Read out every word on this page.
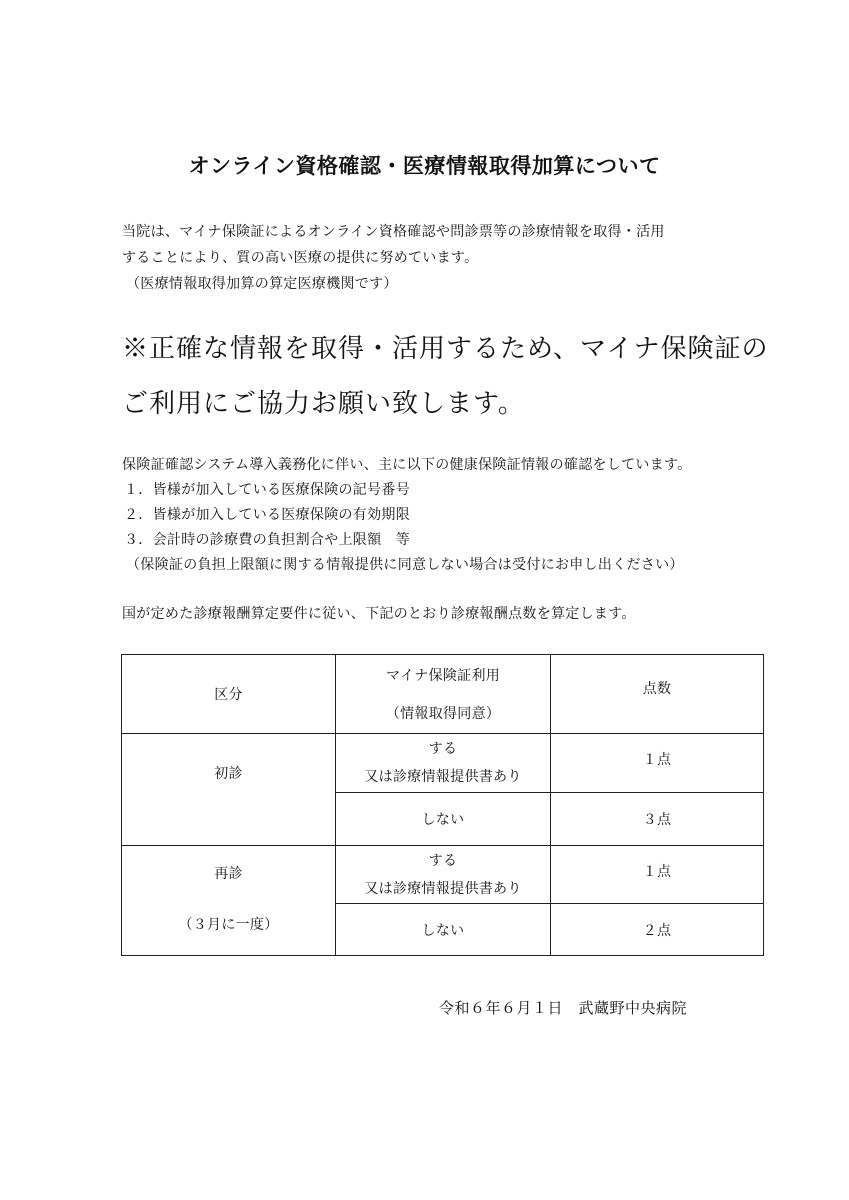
オンライン資格確認・医療情報取得加算について
当院は、マイナ保険証によるオンライン資格確認や問診票等の診療情報を取得・活用
することにより、質の高い医療の提供に努めています。
（医療情報取得加算の算定医療機関です）
※正確な情報を取得・活用するため、マイナ保険証の
ご利用にご協力お願い致します。
保険証確認システム導入義務化に伴い、主に以下の健康保険証情報の確認をしています。
１．皆様が加入している医療保険の記号番号
２．皆様が加入している医療保険の有効期限
３．会計時の診療費の負担割合や上限額　等
（保険証の負担上限額に関する情報提供に同意しない場合は受付にお申し出ください）
国が定めた診療報酬算定要件に従い、下記のとおり診療報酬点数を算定します。
区分
マイナ保険証利用
（情報取得同意）
点数
初診
する
又は診療情報提供書あり
１点
しない	３点
再診
（３月に一度）
する
又は診療情報提供書あり
１点
しない	２点
令和６年６月１日　武蔵野中央病院
